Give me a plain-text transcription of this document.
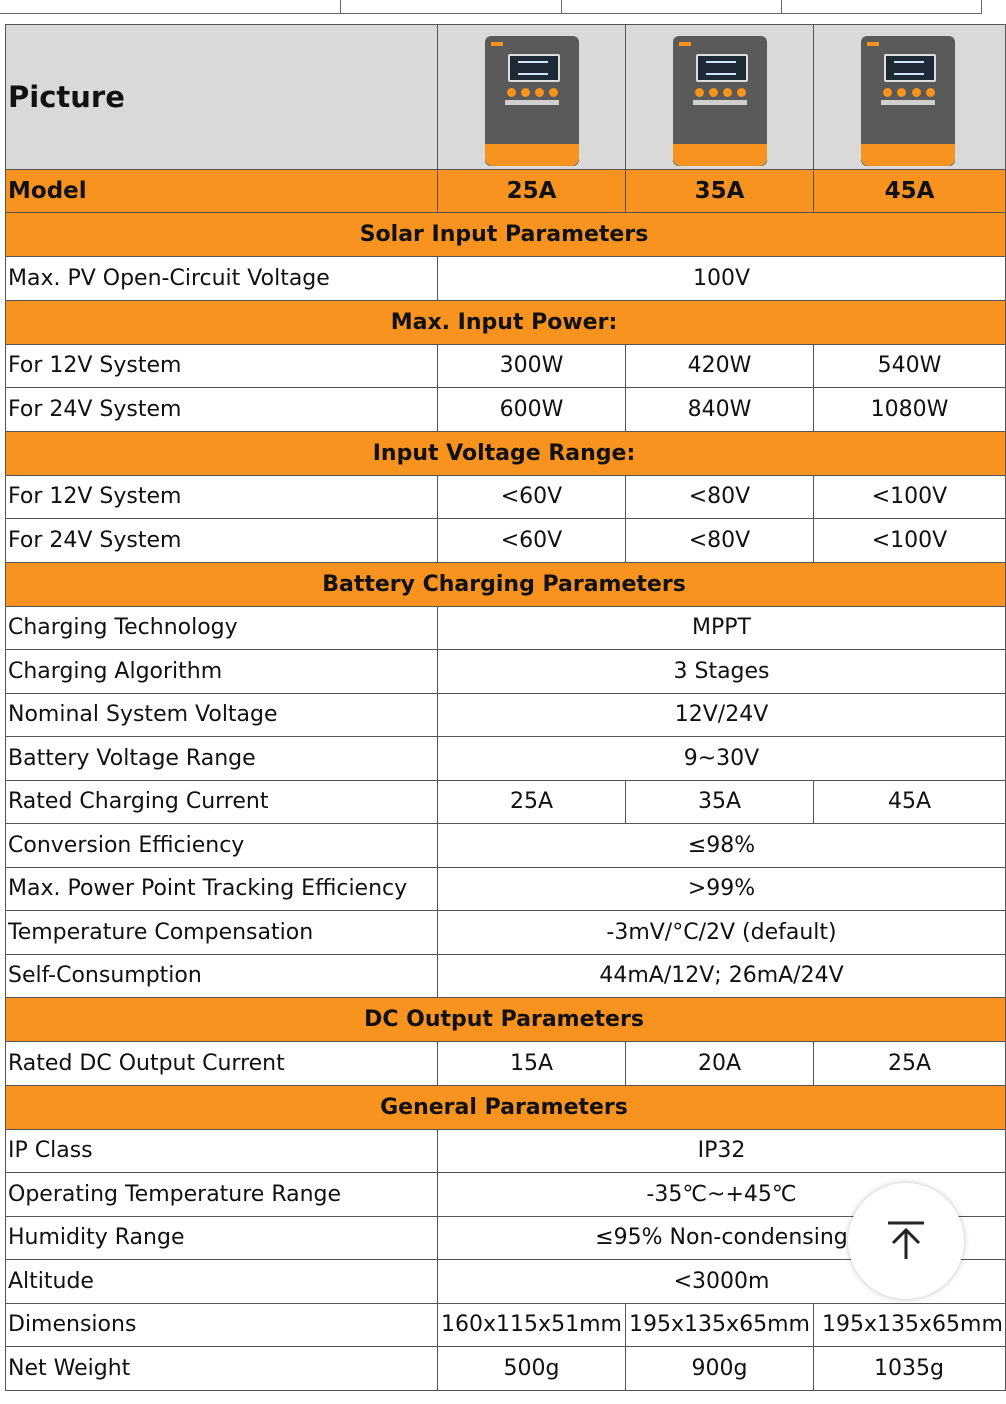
Picture	

Model	25A	35A	45A
Solar Input Parameters			
Max. PV Open-Circuit Voltage	100V		
Max. Input Power:			
For 12V System	300W	420W	540W
For 24V System	600W	840W	1080W
Input Voltage Range:			
For 12V System	<60V	<80V	<100V
For 24V System	<60V	<80V	<100V
Battery Charging Parameters			
Charging Technology	MPPT		
Charging Algorithm	3 Stages		
Nominal System Voltage	12V/24V		
Battery Voltage Range	9~30V		
Rated Charging Current	25A	35A	45A
Conversion Efficiency	≤98%		
Max. Power Point Tracking Efficiency	>99%		
Temperature Compensation	-3mV/°C/2V (default)		
Self-Consumption	44mA/12V; 26mA/24V		
DC Output Parameters			
Rated DC Output Current	15A	20A	25A
General Parameters			
IP Class	IP32		
Operating Temperature Range	-35℃~+45℃		
Humidity Range	≤95% Non-condensing		
Altitude	<3000m		
Dimensions	160x115x51mm	195x135x65mm	195x135x65mm
Net Weight	500g	900g	1035g
